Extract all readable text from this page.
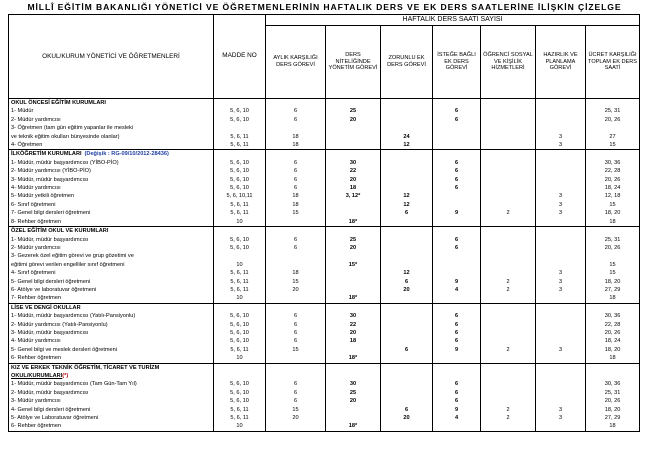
MİLLÎ EĞİTİM BAKANLIĞI YÖNETİCİ VE ÖĞRETMENLERİNİN HAFTALIK DERS VE EK DERS SAATLERİNE İLİŞKİN ÇİZELGE
OKUL/KURUM YÖNETİCİ VE ÖĞRETMENLERİ	MADDE NO	HAFTALIK DERS SAATİ SAYISI						
		AYLIK KARŞILIĞI DERS GÖREVİ	DERS NİTELİĞİNDE YÖNETİM GÖREVİ	ZORUNLU EK DERS GÖREVİ	İSTEĞE BAĞLI EK DERS GÖREVİ	ÖĞRENCİ SOSYAL VE KİŞİLİK HİZMETLERİ	HAZIRLIK VE PLANLAMA GÖREVİ	ÜCRET KARŞILIĞI TOPLAM EK DERS SAATİ
OKUL ÖNCESİ EĞİTİM KURUMLARI								
1- Müdür	5, 6, 10	6	25		6			25, 31
2- Müdür yardımcısı	5, 6, 10	6	20		6			20, 26
3- Öğretmen (tam gün eğitim yapanlar ile mesleki								
ve teknik eğitim okulları bünyesinde olanlar)	5, 6, 11	18		24			3	27
4- Öğretmen	5, 6, 11	18		12			3	15
İLKÖĞRETİM KURUMLARI (Değişik : RG-09/10/2012-28436)								
1- Müdür, müdür başyardımcısı (YİBO-PİO)	5, 6, 10	6	30		6			30, 36
2- Müdür yardımcısı (YİBO-PİO)	5, 6, 10	6	22		6			22, 28
3- Müdür, müdür başyardımcısı	5, 6, 10	6	20		6			20, 26
4- Müdür yardımcısı	5, 6, 10	6	18		6			18, 24
5- Müdür yetkili öğretmen	5, 6, 10,11	18	3, 12*	12			3	12, 18
6- Sınıf öğretmeni	5, 6, 11	18		12			3	15
7- Genel bilgi dersleri öğretmeni	5, 6, 11	15		6	9	2	3	18, 20
8- Rehber öğretmen	10		18*					18
ÖZEL EĞİTİM OKUL VE KURUMLARI								
1- Müdür, müdür başyardımcısı	5, 6, 10	6	25		6			25, 31
2- Müdür yardımcısı	5, 6, 10	6	20		6			20, 26
3- Gezerek özel eğitim görevi ve grup gözetimi ve								
eğitimi görevi verilen engelliler sınıf öğretmeni	10		15*					15
4- Sınıf öğretmeni	5, 6, 11	18		12			3	15
5- Genel bilgi dersleri öğretmeni	5, 6, 11	15		6	9	2	3	18, 20
6- Atölye ve laboratuvar öğretmeni	5, 6, 11	20		20	4	2	3	27, 29
7- Rehber öğretmen	10		18*					18
LİSE VE DENGİ OKULLAR								
1- Müdür, müdür başyardımcısı (Yatılı-Pansiyonlu)	5, 6, 10	6	30		6			30, 36
2- Müdür yardımcısı (Yatılı-Pansiyonlu)	5, 6, 10	6	22		6			22, 28
3- Müdür, müdür başyardımcısı	5, 6, 10	6	20		6			20, 26
4- Müdür yardımcısı	5, 6, 10	6	18		6			18, 24
5- Genel bilgi ve meslek dersleri öğretmeni	5, 6, 11	15		6	9	2	3	18, 20
6- Rehber öğretmen	10		18*					18
KIZ VE ERKEK TEKNİK ÖĞRETİM, TİCARET VE TURİZM								
OKUL/KURUMLARI(*)								
1- Müdür, müdür başyardımcısı (Tam Gün-Tam Yıl)	5, 6, 10	6	30		6			30, 36
2- Müdür, müdür başyardımcısı	5, 6, 10	6	25		6			25, 31
3- Müdür yardımcısı	5, 6, 10	6	20		6			20, 26
4- Genel bilgi dersleri öğretmeni	5, 6, 11	15		6	9	2	3	18, 20
5- Atölye ve Laboratuvar öğretmeni	5, 6, 11	20		20	4	2	3	27, 29
6- Rehber öğretmen	10		18*					18
